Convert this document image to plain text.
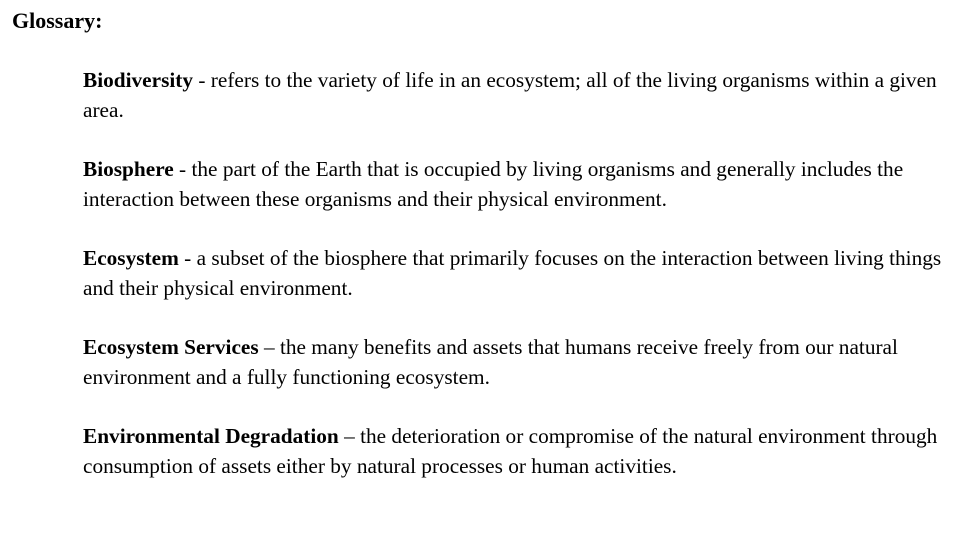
Glossary:

Biodiversity - refers to the variety of life in an ecosystem; all of the living organisms within a given area.

Biosphere - the part of the Earth that is occupied by living organisms and generally includes the interaction between these organisms and their physical environment.

Ecosystem - a subset of the biosphere that primarily focuses on the interaction between living things and their physical environment.

Ecosystem Services – the many benefits and assets that humans receive freely from our natural environment and a fully functioning ecosystem.

Environmental Degradation – the deterioration or compromise of the natural environment through consumption of assets either by natural processes or human activities.
